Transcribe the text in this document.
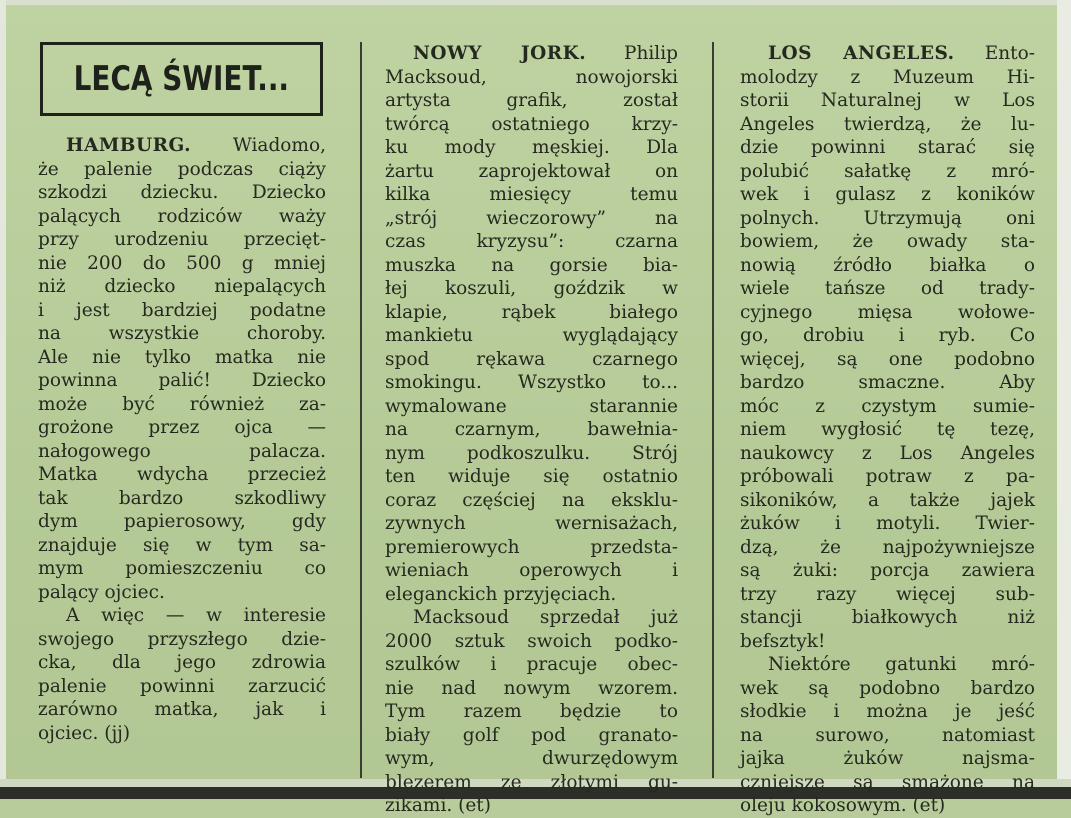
LECĄ ŚWIET...

HAMBURG. Wiadomo,
że palenie podczas ciąży
szkodzi dziecku. Dziecko
palących rodziców waży
przy urodzeniu przecięt-
nie 200 do 500 g mniej
niż dziecko niepalących
i jest bardziej podatne
na wszystkie choroby.
Ale nie tylko matka nie
powinna palić! Dziecko
może być również za-
grożone przez ojca —
nałogowego palacza.
Matka wdycha przecież
tak bardzo szkodliwy
dym papierosowy, gdy
znajduje się w tym sa-
mym pomieszczeniu co
palący ojciec.

A więc — w interesie
swojego przyszłego dzie-
cka, dla jego zdrowia
palenie powinni zarzucić
zarówno matka, jak i
ojciec. (jj)

NOWY JORK. Philip
Macksoud, nowojorski
artysta grafik, został
twórcą ostatniego krzy-
ku mody męskiej. Dla
żartu zaprojektował on
kilka miesięcy temu
„strój wieczorowy” na
czas kryzysu”: czarna
muszka na gorsie bia-
łej koszuli, goździk w
klapie, rąbek białego
mankietu wyglądający
spod rękawa czarnego
smokingu. Wszystko to...
wymalowane starannie
na czarnym, bawełnia-
nym podkoszulku. Strój
ten widuje się ostatnio
coraz częściej na eksklu-
zywnych wernisażach,
premierowych przedsta-
wieniach operowych i
eleganckich przyjęciach.

Macksoud sprzedał już
2000 sztuk swoich podko-
szulków i pracuje obec-
nie nad nowym wzorem.
Tym razem będzie to
biały golf pod granato-
wym, dwurzędowym
blezerem ze złotymi gu-
zikami. (et)

LOS ANGELES. Ento-
molodzy z Muzeum Hi-
storii Naturalnej w Los
Angeles twierdzą, że lu-
dzie powinni starać się
polubić sałatkę z mró-
wek i gulasz z koników
polnych. Utrzymują oni
bowiem, że owady sta-
nowią źródło białka o
wiele tańsze od trady-
cyjnego mięsa wołowe-
go, drobiu i ryb. Co
więcej, są one podobno
bardzo smaczne. Aby
móc z czystym sumie-
niem wygłosić tę tezę,
naukowcy z Los Angeles
próbowali potraw z pa-
sikoników, a także jajek
żuków i motyli. Twier-
dzą, że najpożywniejsze
są żuki: porcja zawiera
trzy razy więcej sub-
stancji białkowych niż
befsztyk!

Niektóre gatunki mró-
wek są podobno bardzo
słodkie i można je jeść
na surowo, natomiast
jajka żuków najsma-
czniejsze są smażone na
oleju kokosowym. (et)
